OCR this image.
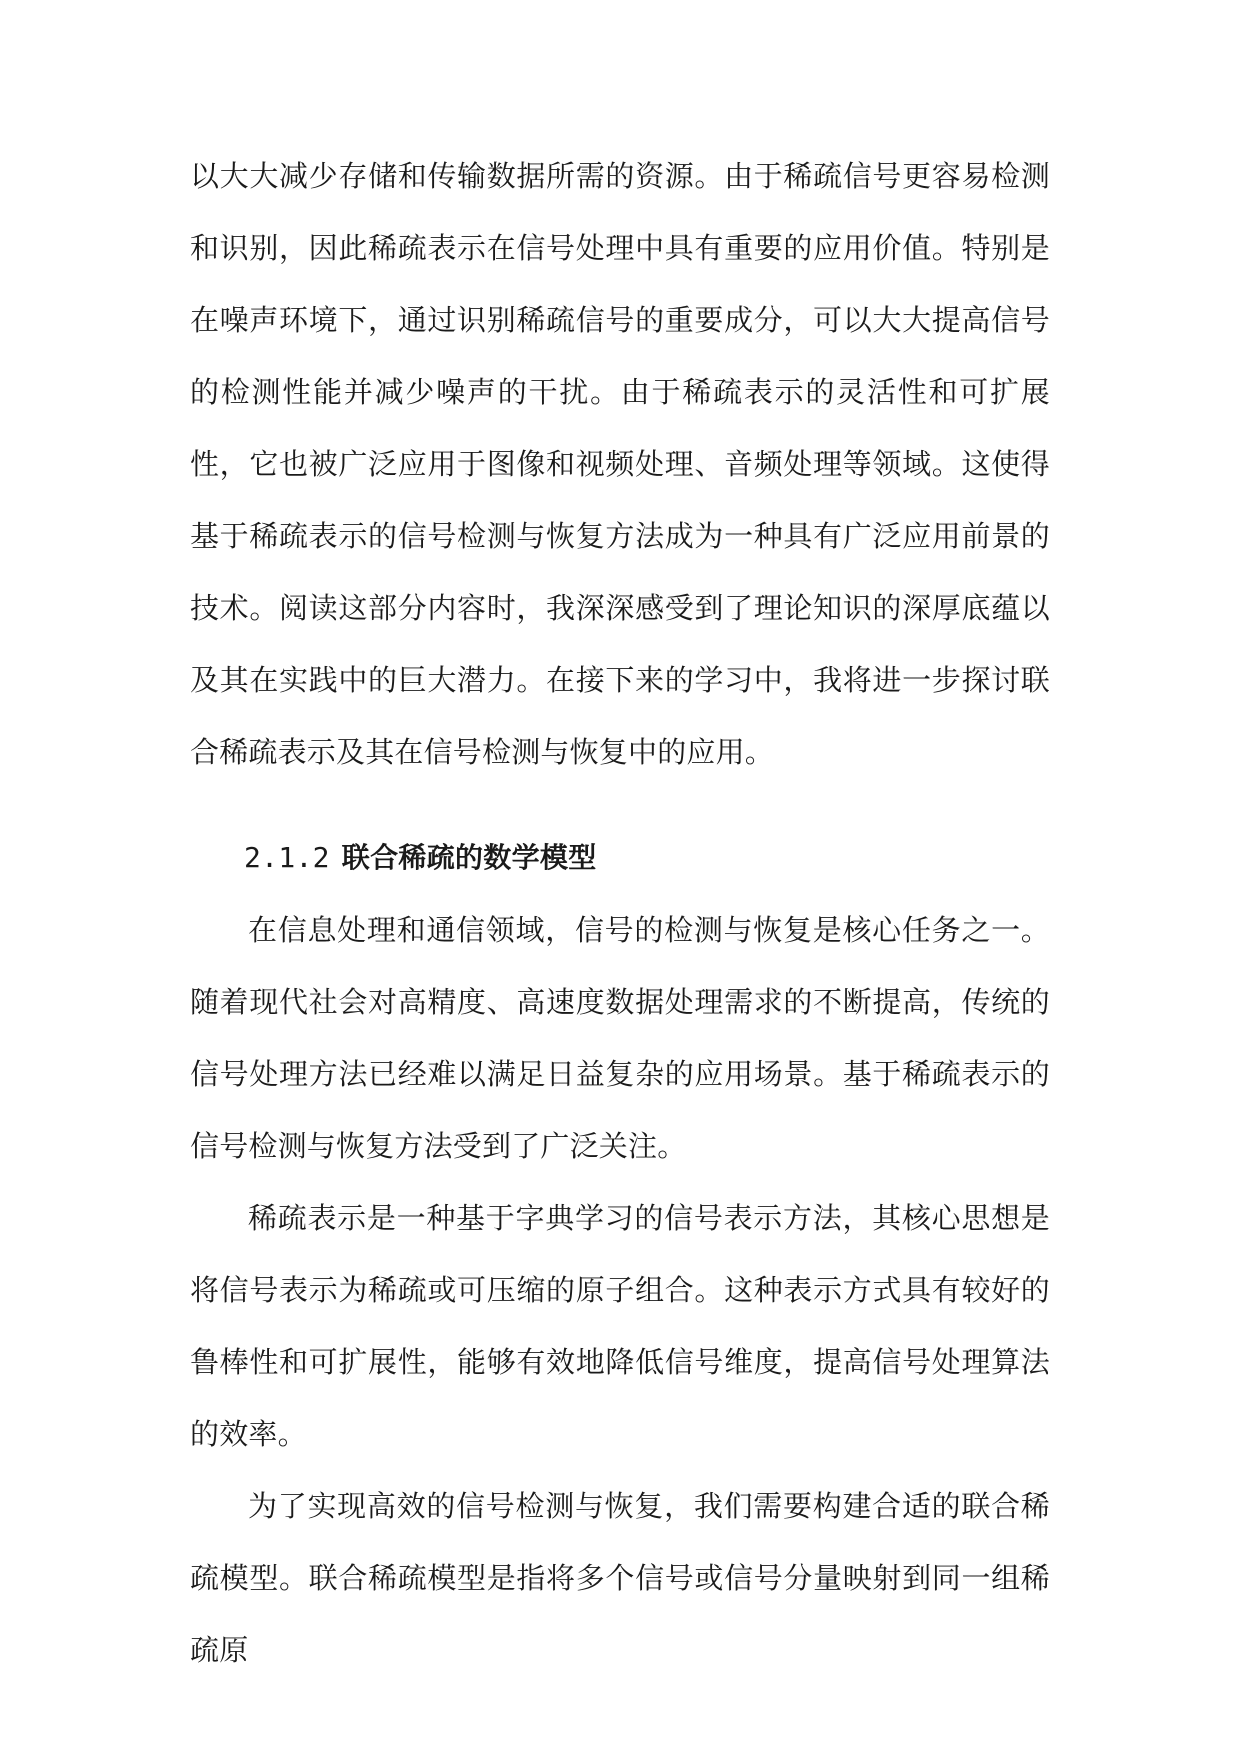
以大大减少存储和传输数据所需的资源。由于稀疏信号更容易检测和识别，因此稀疏表示在信号处理中具有重要的应用价值。特别是在噪声环境下，通过识别稀疏信号的重要成分，可以大大提高信号的检测性能并减少噪声的干扰。由于稀疏表示的灵活性和可扩展性，它也被广泛应用于图像和视频处理、音频处理等领域。这使得基于稀疏表示的信号检测与恢复方法成为一种具有广泛应用前景的技术。阅读这部分内容时，我深深感受到了理论知识的深厚底蕴以及其在实践中的巨大潜力。在接下来的学习中，我将进一步探讨联合稀疏表示及其在信号检测与恢复中的应用。

2.1.2 联合稀疏的数学模型

在信息处理和通信领域，信号的检测与恢复是核心任务之一。随着现代社会对高精度、高速度数据处理需求的不断提高，传统的信号处理方法已经难以满足日益复杂的应用场景。基于稀疏表示的信号检测与恢复方法受到了广泛关注。

稀疏表示是一种基于字典学习的信号表示方法，其核心思想是将信号表示为稀疏或可压缩的原子组合。这种表示方式具有较好的鲁棒性和可扩展性，能够有效地降低信号维度，提高信号处理算法的效率。

为了实现高效的信号检测与恢复，我们需要构建合适的联合稀疏模型。联合稀疏模型是指将多个信号或信号分量映射到同一组稀疏原
